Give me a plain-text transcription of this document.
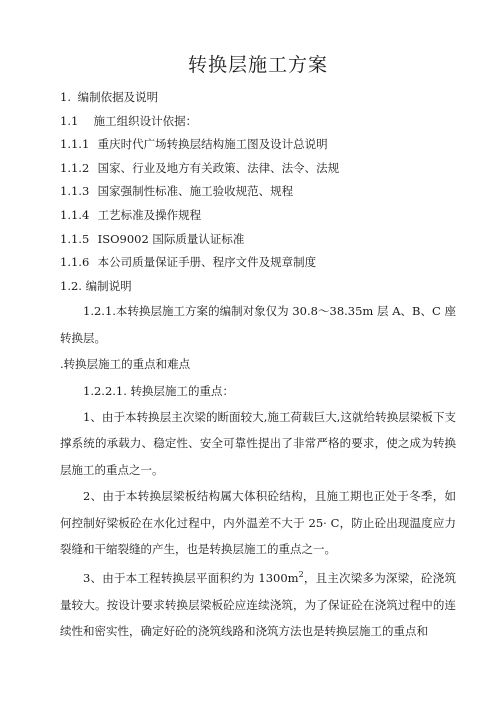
转换层施工方案
1. 编制依据及说明
1.1 施工组织设计依据：
1.1.1 重庆时代广场转换层结构施工图及设计总说明
1.1.2 国家、行业及地方有关政策、法律、法令、法规
1.1.3 国家强制性标准、施工验收规范、规程
1.1.4 工艺标准及操作规程
1.1.5 ISO9002 国际质量认证标准
1.1.6 本公司质量保证手册、程序文件及规章制度
1.2. 编制说明

1.2.1.本转换层施工方案的编制对象仅为 30.8～38.35m 层 A、B、C 座转换层。

.转换层施工的重点和难点
1.2.2.1. 转换层施工的重点：

1、由于本转换层主次梁的断面较大,施工荷载巨大,这就给转换层梁板下支撑系统的承载力、稳定性、安全可靠性提出了非常严格的要求，使之成为转换层施工的重点之一。

2、由于本转换层梁板结构属大体积砼结构，且施工期也正处于冬季，如何控制好梁板砼在水化过程中，内外温差不大于 25· C，防止砼出现温度应力裂缝和干缩裂缝的产生，也是转换层施工的重点之一。

3、由于本工程转换层平面积约为 $1300m^2$，且主次梁多为深梁，砼浇筑量较大。按设计要求转换层梁板砼应连续浇筑，为了保证砼在浇筑过程中的连续性和密实性，确定好砼的浇筑线路和浇筑方法也是转换层施工的重点和
